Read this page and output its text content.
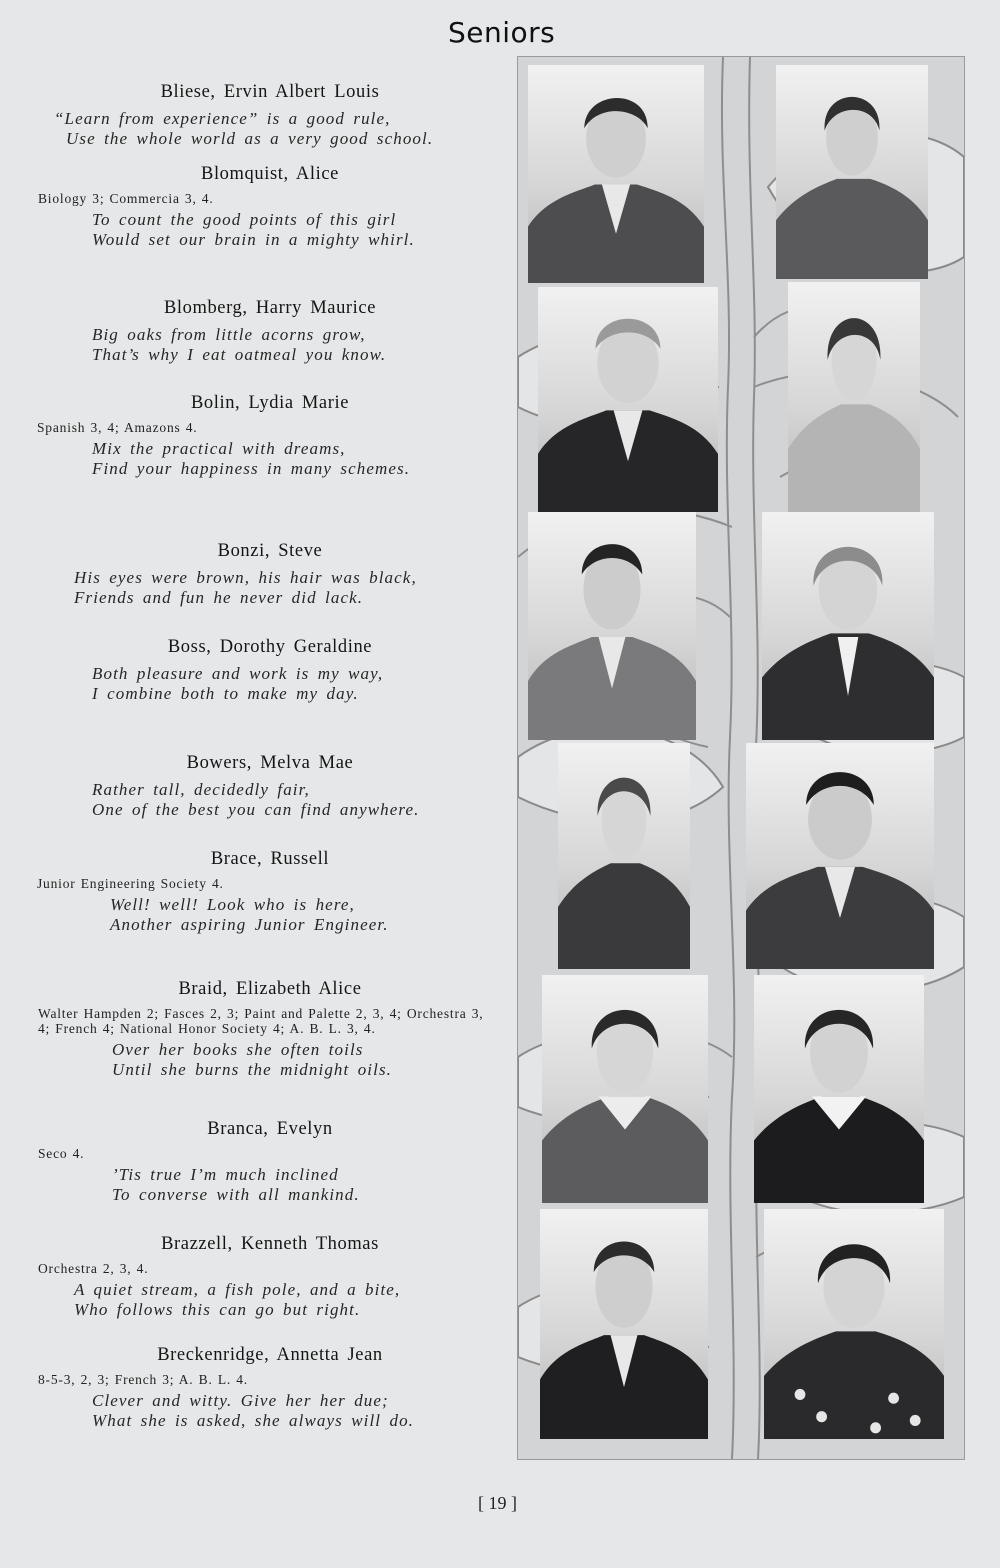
Seniors
Bliese, Ervin Albert Louis
“Learn from experience” is a good rule,
Use the whole world as a very good school.
Blomquist, Alice
Biology 3; Commercia 3, 4.
To count the good points of this girl
Would set our brain in a mighty whirl.
Blomberg, Harry Maurice
Big oaks from little acorns grow,
That’s why I eat oatmeal you know.
Bolin, Lydia Marie
Spanish 3, 4; Amazons 4.
Mix the practical with dreams,
Find your happiness in many schemes.
Bonzi, Steve
His eyes were brown, his hair was black,
Friends and fun he never did lack.
Boss, Dorothy Geraldine
Both pleasure and work is my way,
I combine both to make my day.
Bowers, Melva Mae
Rather tall, decidedly fair,
One of the best you can find anywhere.
Brace, Russell
Junior Engineering Society 4.
Well! well! Look who is here,
Another aspiring Junior Engineer.
Braid, Elizabeth Alice
Walter Hampden 2; Fasces 2, 3; Paint and Palette 2, 3, 4; Orchestra 3, 4; French 4; National Honor Society 4; A. B. L. 3, 4.
Over her books she often toils
Until she burns the midnight oils.
Branca, Evelyn
Seco 4.
’Tis true I’m much inclined
To converse with all mankind.
Brazzell, Kenneth Thomas
Orchestra 2, 3, 4.
A quiet stream, a fish pole, and a bite,
Who follows this can go but right.
Breckenridge, Annetta Jean
8-5-3, 2, 3; French 3; A. B. L. 4.
Clever and witty. Give her her due;
What she is asked, she always will do.
[ 19 ]
